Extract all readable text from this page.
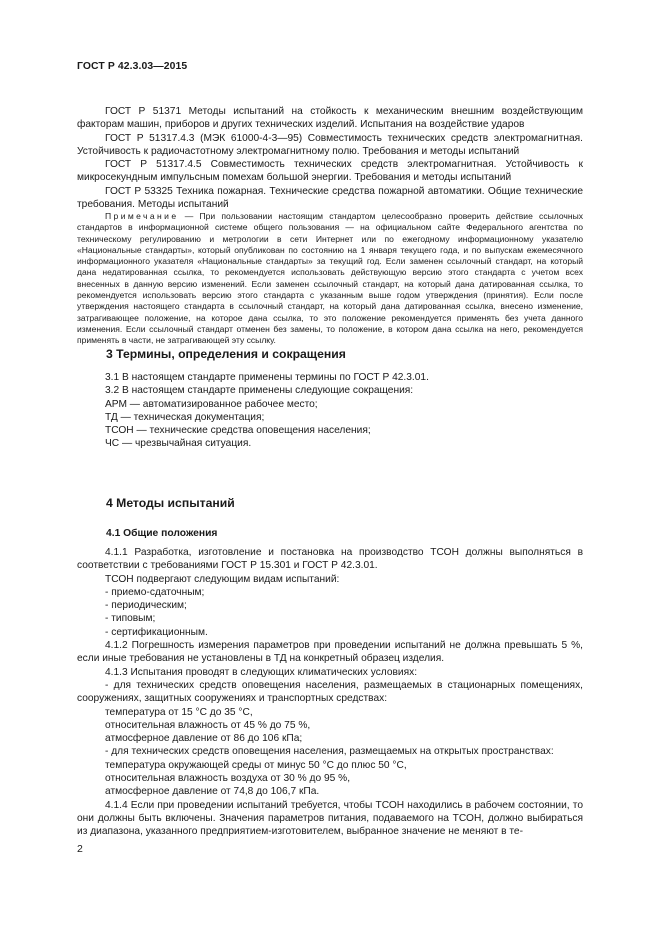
ГОСТ Р 42.3.03—2015

ГОСТ Р 51371 Методы испытаний на стойкость к механическим внешним воздействующим факторам машин, приборов и других технических изделий. Испытания на воздействие ударов

ГОСТ Р 51317.4.3 (МЭК 61000-4-3—95) Совместимость технических средств электромагнитная. Устойчивость к радиочастотному электромагнитному полю. Требования и методы испытаний

ГОСТ Р 51317.4.5 Совместимость технических средств электромагнитная. Устойчивость к микросекундным импульсным помехам большой энергии. Требования и методы испытаний

ГОСТ Р 53325 Техника пожарная. Технические средства пожарной автоматики. Общие технические требования. Методы испытаний

Примечание — При пользовании настоящим стандартом целесообразно проверить действие ссылочных стандартов в информационной системе общего пользования — на официальном сайте Федерального агентства по техническому регулированию и метрологии в сети Интернет или по ежегодному информационному указателю «Национальные стандарты», который опубликован по состоянию на 1 января текущего года, и по выпускам ежемесячного информационного указателя «Национальные стандарты» за текущий год. Если заменен ссылочный стандарт, на который дана недатированная ссылка, то рекомендуется использовать действующую версию этого стандарта с учетом всех внесенных в данную версию изменений. Если заменен ссылочный стандарт, на который дана датированная ссылка, то рекомендуется использовать версию этого стандарта с указанным выше годом утверждения (принятия). Если после утверждения настоящего стандарта в ссылочный стандарт, на который дана датированная ссылка, внесено изменение, затрагивающее положение, на которое дана ссылка, то это положение рекомендуется применять без учета данного изменения. Если ссылочный стандарт отменен без замены, то положение, в котором дана ссылка на него, рекомендуется применять в части, не затрагивающей эту ссылку.

3 Термины, определения и сокращения

3.1 В настоящем стандарте применены термины по ГОСТ Р 42.3.01.

3.2 В настоящем стандарте применены следующие сокращения:

АРМ — автоматизированное рабочее место;

ТД — техническая документация;

ТСОН — технические средства оповещения населения;

ЧС — чрезвычайная ситуация.

4 Методы испытаний
4.1 Общие положения

4.1.1 Разработка, изготовление и постановка на производство ТСОН должны выполняться в соответствии с требованиями ГОСТ Р 15.301 и ГОСТ Р 42.3.01.

ТСОН подвергают следующим видам испытаний:

- приемо-сдаточным;

- периодическим;

- типовым;

- сертификационным.

4.1.2 Погрешность измерения параметров при проведении испытаний не должна превышать 5 %, если иные требования не установлены в ТД на конкретный образец изделия.

4.1.3 Испытания проводят в следующих климатических условиях:

- для технических средств оповещения населения, размещаемых в стационарных помещениях, сооружениях, защитных сооружениях и транспортных средствах:

температура от 15 °С до 35 °С,

относительная влажность от 45 % до 75 %,

атмосферное давление от 86 до 106 кПа;

- для технических средств оповещения населения, размещаемых на открытых пространствах:

температура окружающей среды от минус 50 °С до плюс 50 °С,

относительная влажность воздуха от 30 % до 95 %,

атмосферное давление от 74,8 до 106,7 кПа.

4.1.4 Если при проведении испытаний требуется, чтобы ТСОН находились в рабочем состоянии, то они должны быть включены. Значения параметров питания, подаваемого на ТСОН, должно выбираться из диапазона, указанного предприятием-изготовителем, выбранное значение не меняют в те-

2
